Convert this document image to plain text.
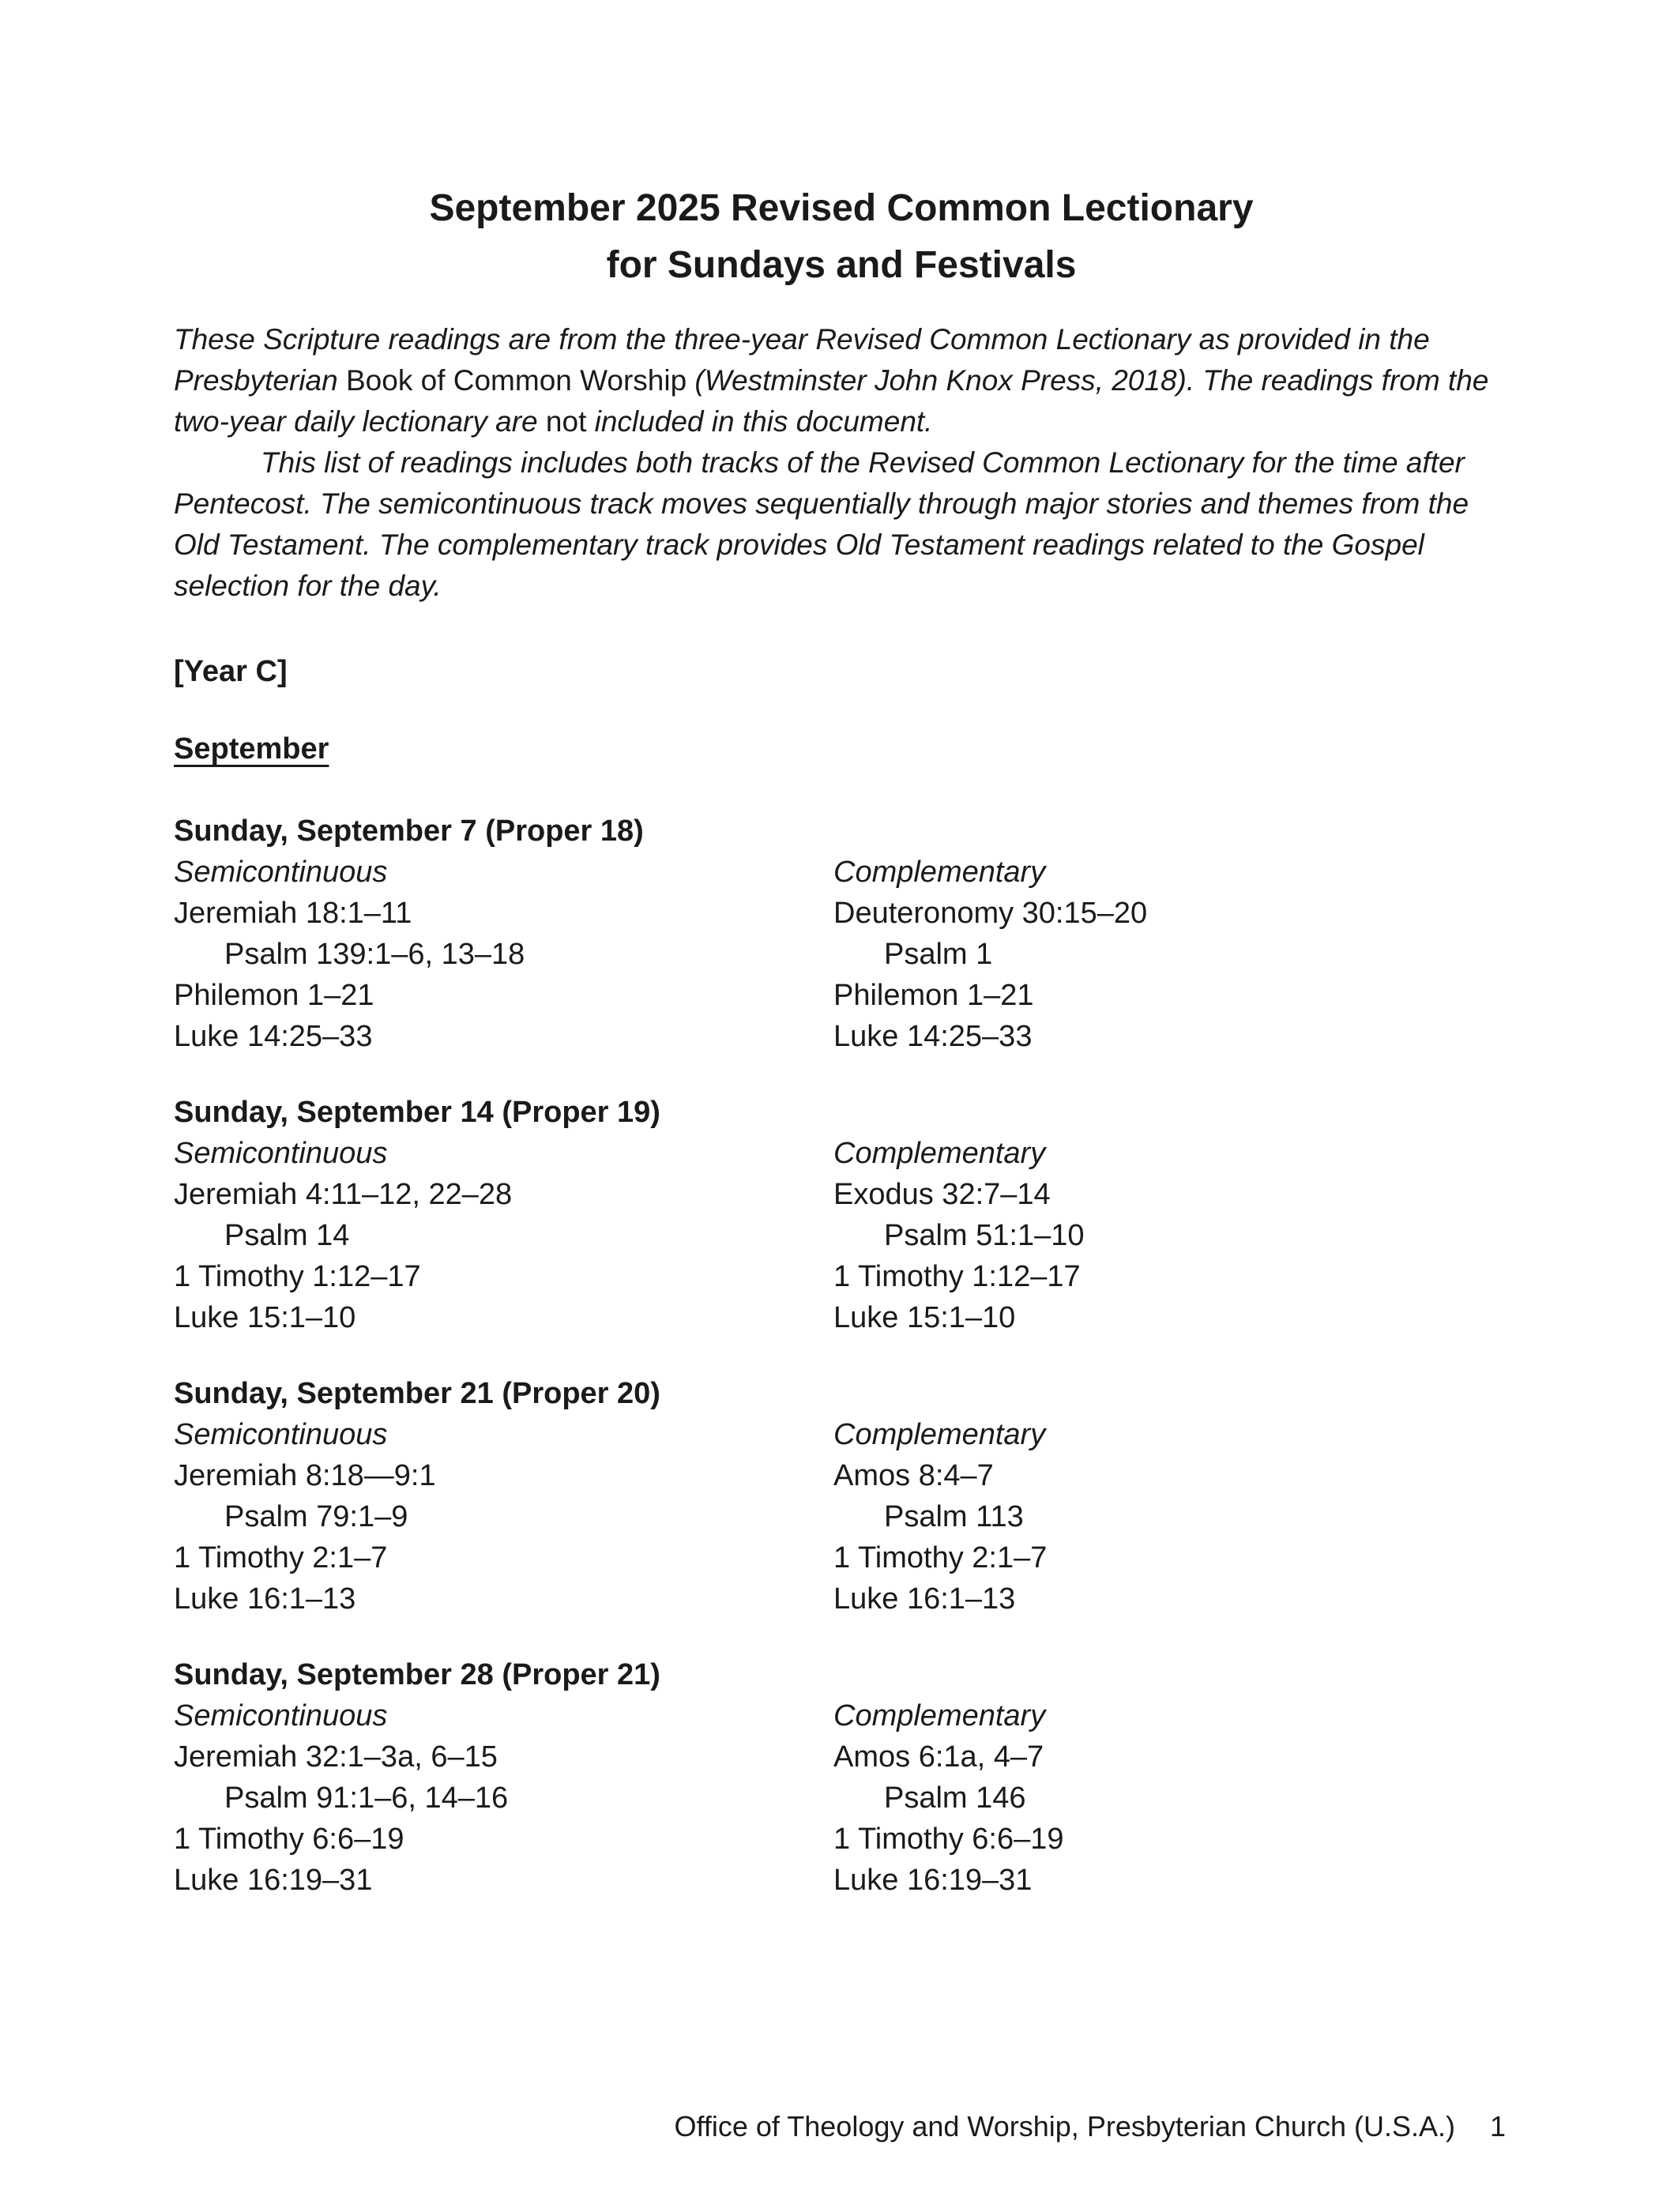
September 2025 Revised Common Lectionary
for Sundays and Festivals

These Scripture readings are from the three-year Revised Common Lectionary as provided in the Presbyterian Book of Common Worship (Westminster John Knox Press, 2018). The readings from the two-year daily lectionary are not included in this document.

This list of readings includes both tracks of the Revised Common Lectionary for the time after Pentecost. The semicontinuous track moves sequentially through major stories and themes from the Old Testament. The complementary track provides Old Testament readings related to the Gospel selection for the day.

[Year C]
September
Sunday, September 7 (Proper 18)
Semicontinuous
Jeremiah 18:1–11
Psalm 139:1–6, 13–18
Philemon 1–21
Luke 14:25–33
Complementary
Deuteronomy 30:15–20
Psalm 1
Philemon 1–21
Luke 14:25–33
Sunday, September 14 (Proper 19)
Semicontinuous
Jeremiah 4:11–12, 22–28
Psalm 14
1 Timothy 1:12–17
Luke 15:1–10
Complementary
Exodus 32:7–14
Psalm 51:1–10
1 Timothy 1:12–17
Luke 15:1–10
Sunday, September 21 (Proper 20)
Semicontinuous
Jeremiah 8:18—9:1
Psalm 79:1–9
1 Timothy 2:1–7
Luke 16:1–13
Complementary
Amos 8:4–7
Psalm 113
1 Timothy 2:1–7
Luke 16:1–13
Sunday, September 28 (Proper 21)
Semicontinuous
Jeremiah 32:1–3a, 6–15
Psalm 91:1–6, 14–16
1 Timothy 6:6–19
Luke 16:19–31
Complementary
Amos 6:1a, 4–7
Psalm 146
1 Timothy 6:6–19
Luke 16:19–31
Office of Theology and Worship, Presbyterian Church (U.S.A.) 1
